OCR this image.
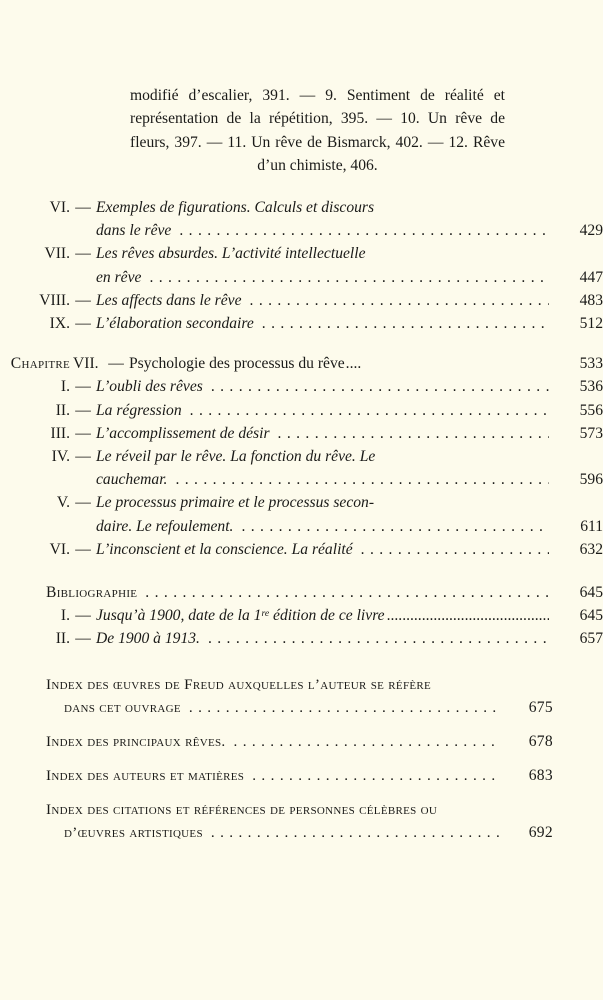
modifié d’escalier, 391. — 9. Sentiment de réalité et représentation de la répétition, 395. — 10. Un rêve de fleurs, 397. — 11. Un rêve de Bismarck, 402. — 12. Rêve d’un chimiste, 406.
VI. — Exemples de figurations. Calculs et discours
dans le rêve .....	429
VII. — Les rêves absurdes. L’activité intellectuelle
en rêve .....	447
VIII. — Les affects dans le rêve .....	483
IX. — L’élaboration secondaire .....	512
Chapitre VII. — Psychologie des processus du rêve ....	533
I. — L’oubli des rêves .....	536
II. — La régression .....	556
III. — L’accomplissement de désir .....	573
IV. — Le réveil par le rêve. La fonction du rêve. Le
cauchemar. .....	596
V. — Le processus primaire et le processus secon-
daire. Le refoulement. .....	611
VI. — L’inconscient et la conscience. La réalité .....	632
Bibliographie .....	645
I. — Jusqu’à 1900, date de la 1re édition de ce livre .....	645
II. — De 1900 à 1913. .....	657
Index des œuvres de Freud auxquelles l’auteur se réfère
dans cet ouvrage .....	675
Index des principaux rêves. .....	678
Index des auteurs et matières .....	683
Index des citations et références de personnes célèbres ou
d’œuvres artistiques .....	692
